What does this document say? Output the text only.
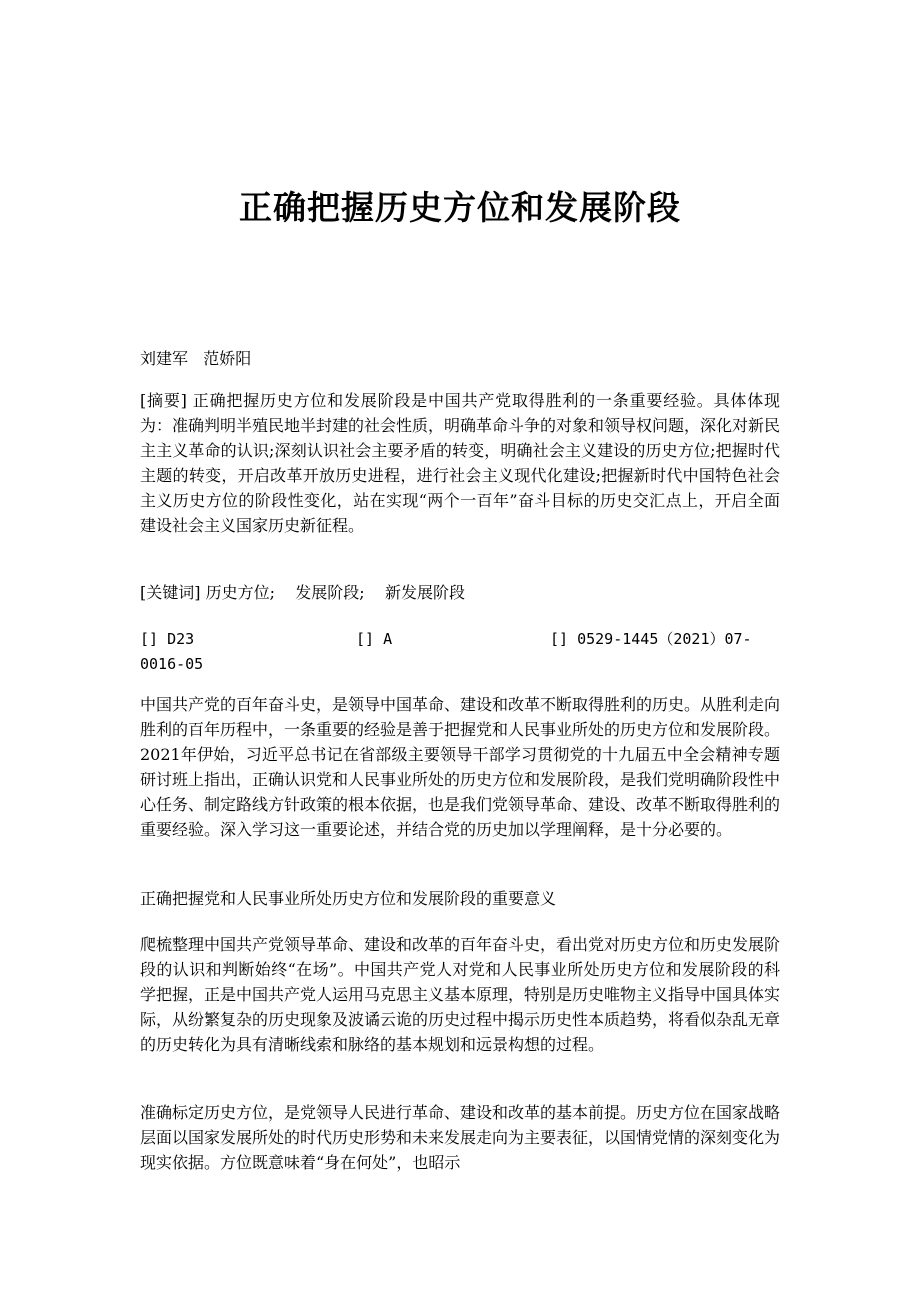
正确把握历史方位和发展阶段
刘建军   范娇阳

[摘要] 正确把握历史方位和发展阶段是中国共产党取得胜利的一条重要经验。具体体现为：准确判明半殖民地半封建的社会性质，明确革命斗争的对象和领导权问题，深化对新民主主义革命的认识;深刻认识社会主要矛盾的转变，明确社会主义建设的历史方位;把握时代主题的转变，开启改革开放历史进程，进行社会主义现代化建设;把握新时代中国特色社会主义历史方位的阶段性变化，站在实现“两个一百年”奋斗目标的历史交汇点上，开启全面建设社会主义国家历史新征程。

[关键词] 历史方位;    发展阶段;    新发展阶段

[] D23	[] A	[] 0529-1445（2021）07-
0016-05

中国共产党的百年奋斗史，是领导中国革命、建设和改革不断取得胜利的历史。从胜利走向胜利的百年历程中，一条重要的经验是善于把握党和人民事业所处的历史方位和发展阶段。2021年伊始，习近平总书记在省部级主要领导干部学习贯彻党的十九届五中全会精神专题研讨班上指出，正确认识党和人民事业所处的历史方位和发展阶段，是我们党明确阶段性中心任务、制定路线方针政策的根本依据，也是我们党领导革命、建设、改革不断取得胜利的重要经验。深入学习这一重要论述，并结合党的历史加以学理阐释，是十分必要的。

正确把握党和人民事业所处历史方位和发展阶段的重要意义

爬梳整理中国共产党领导革命、建设和改革的百年奋斗史，看出党对历史方位和历史发展阶段的认识和判断始终“在场”。中国共产党人对党和人民事业所处历史方位和发展阶段的科学把握，正是中国共产党人运用马克思主义基本原理，特别是历史唯物主义指导中国具体实际，从纷繁复杂的历史现象及波谲云诡的历史过程中揭示历史性本质趋势，将看似杂乱无章的历史转化为具有清晰线索和脉络的基本规划和远景构想的过程。

准确标定历史方位，是党领导人民进行革命、建设和改革的基本前提。历史方位在国家战略层面以国家发展所处的时代历史形势和未来发展走向为主要表征，以国情党情的深刻变化为现实依据。方位既意味着“身在何处”，也昭示
